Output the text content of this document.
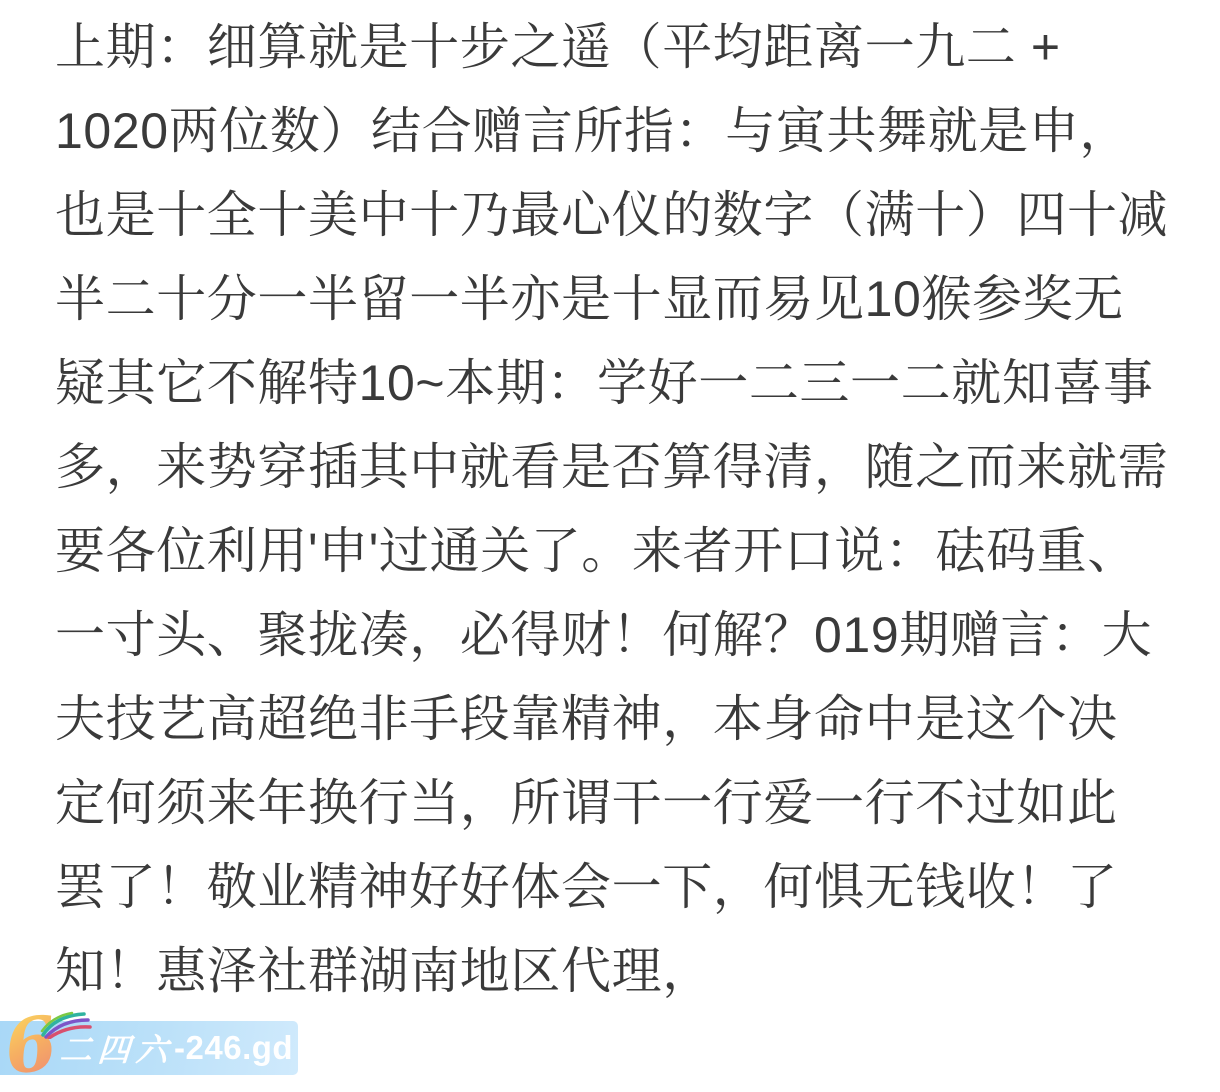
上期：细算就是十步之遥（平均距离一九二 +
1020两位数）结合赠言所指：与寅共舞就是申，
也是十全十美中十乃最心仪的数字（满十）四十减
半二十分一半留一半亦是十显而易见10猴参奖无
疑其它不解特10~本期：学好一二三一二就知喜事
多，来势穿插其中就看是否算得清，随之而来就需
要各位利用'申'过通关了。来者开口说：砝码重、
一寸头、聚拢凑，必得财！何解？019期赠言：大
夫技艺高超绝非手段靠精神，本身命中是这个决
定何须来年换行当，所谓干一行爱一行不过如此
罢了！敬业精神好好体会一下，何惧无钱收！了
知！惠泽社群湖南地区代理，
二四六
-246.gd
6
